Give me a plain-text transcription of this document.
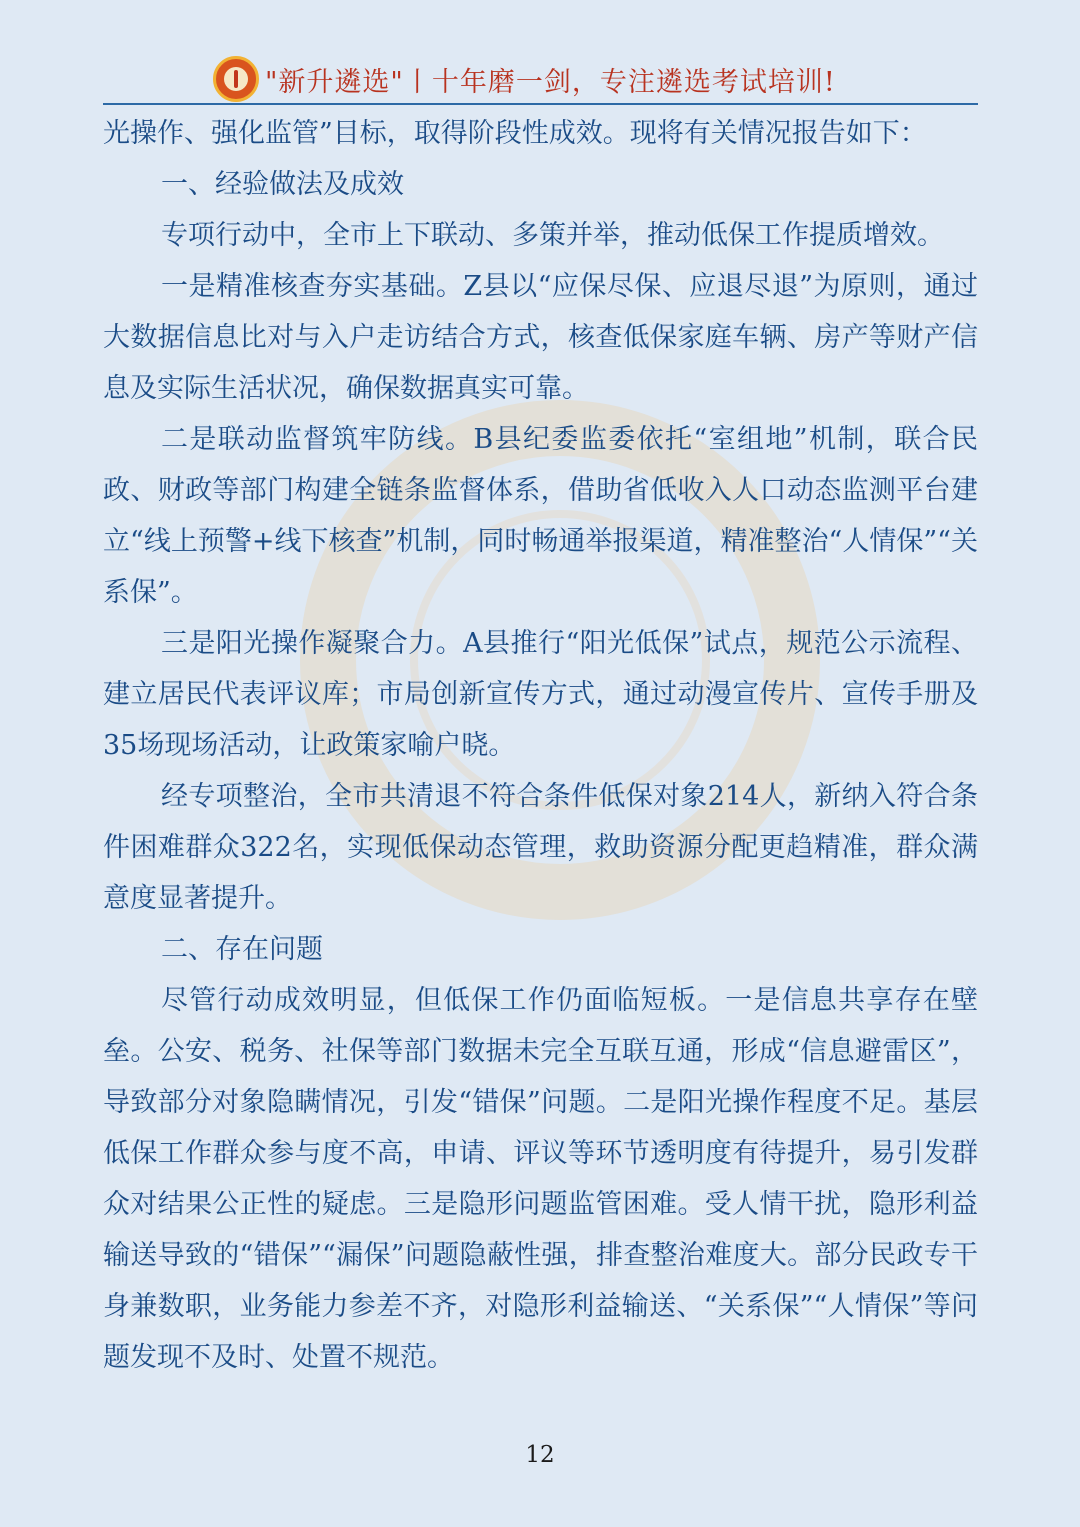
"新升遴选"丨十年磨一剑，专注遴选考试培训!

光操作、强化监管”目标，取得阶段性成效。现将有关情况报告如下：

一、经验做法及成效

专项行动中，全市上下联动、多策并举，推动低保工作提质增效。

一是精准核查夯实基础。Z县以“应保尽保、应退尽退”为原则，通过大数据信息比对与入户走访结合方式，核查低保家庭车辆、房产等财产信息及实际生活状况，确保数据真实可靠。

二是联动监督筑牢防线。B县纪委监委依托“室组地”机制，联合民政、财政等部门构建全链条监督体系，借助省低收入人口动态监测平台建立“线上预警+线下核查”机制，同时畅通举报渠道，精准整治“人情保”“关系保”。

三是阳光操作凝聚合力。A县推行“阳光低保”试点，规范公示流程、建立居民代表评议库；市局创新宣传方式，通过动漫宣传片、宣传手册及35场现场活动，让政策家喻户晓。

经专项整治，全市共清退不符合条件低保对象214人，新纳入符合条件困难群众322名，实现低保动态管理，救助资源分配更趋精准，群众满意度显著提升。

二、存在问题

尽管行动成效明显，但低保工作仍面临短板。一是信息共享存在壁垒。公安、税务、社保等部门数据未完全互联互通，形成“信息避雷区”，导致部分对象隐瞒情况，引发“错保”问题。二是阳光操作程度不足。基层低保工作群众参与度不高，申请、评议等环节透明度有待提升，易引发群众对结果公正性的疑虑。三是隐形问题监管困难。受人情干扰，隐形利益输送导致的“错保”“漏保”问题隐蔽性强，排查整治难度大。部分民政专干身兼数职，业务能力参差不齐，对隐形利益输送、“关系保”“人情保”等问题发现不及时、处置不规范。

12
